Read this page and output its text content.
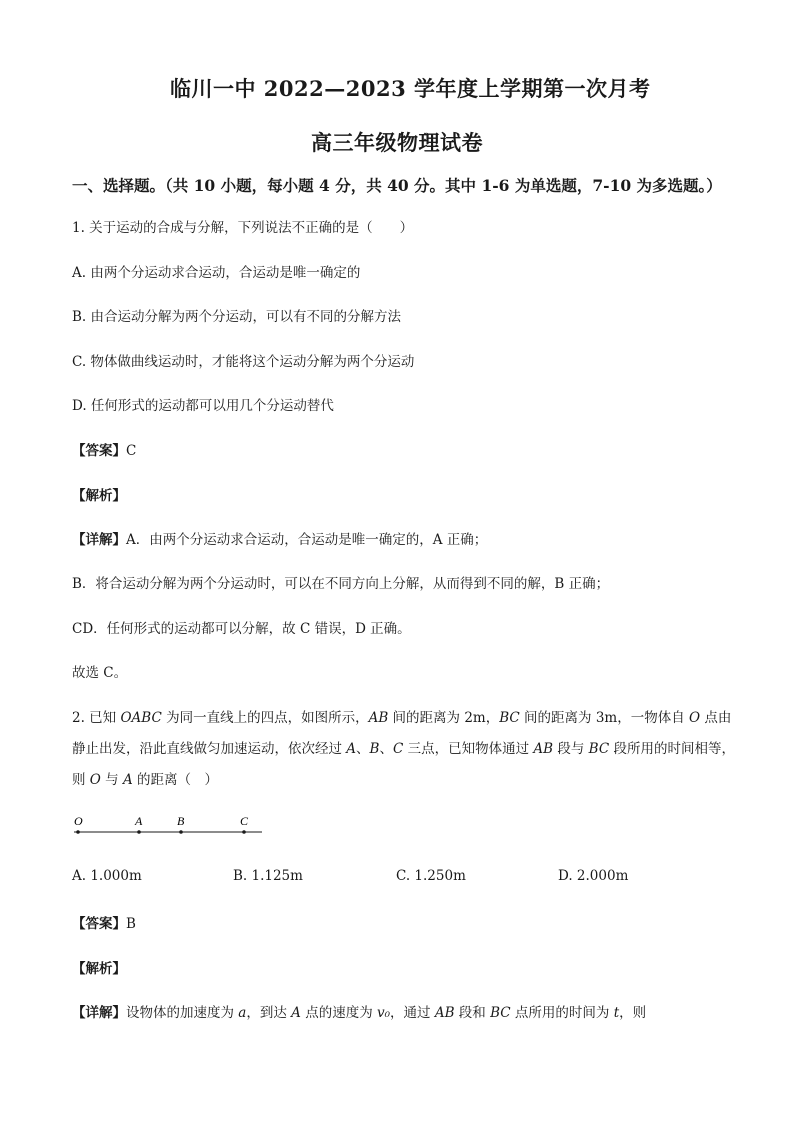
临川一中 2022—2023 学年度上学期第一次月考
高三年级物理试卷
一、选择题。（共 10 小题，每小题 4 分，共 40 分。其中 1-6 为单选题，7-10 为多选题。）
1. 关于运动的合成与分解，下列说法不正确的是（　　）
A. 由两个分运动求合运动，合运动是唯一确定的
B. 由合运动分解为两个分运动，可以有不同的分解方法
C. 物体做曲线运动时，才能将这个运动分解为两个分运动
D. 任何形式的运动都可以用几个分运动替代
【答案】C
【解析】
【详解】A．由两个分运动求合运动，合运动是唯一确定的，A 正确；
B．将合运动分解为两个分运动时，可以在不同方向上分解，从而得到不同的解，B 正确；
CD．任何形式的运动都可以分解，故 C 错误，D 正确。
故选 C。
2. 已知 OABC 为同一直线上的四点，如图所示，AB 间的距离为 2m，BC 间的距离为 3m，一物体自 O 点由
静止出发，沿此直线做匀加速运动，依次经过 A、B、C 三点，已知物体通过 AB 段与 BC 段所用的时间相等，
则 O 与 A 的距离（　）
O	A	B	C
A. 1.000m	B. 1.125m	C. 1.250m	D. 2.000m
【答案】B
【解析】
【详解】设物体的加速度为 a，到达 A 点的速度为 v₀，通过 AB 段和 BC 点所用的时间为 t，则
